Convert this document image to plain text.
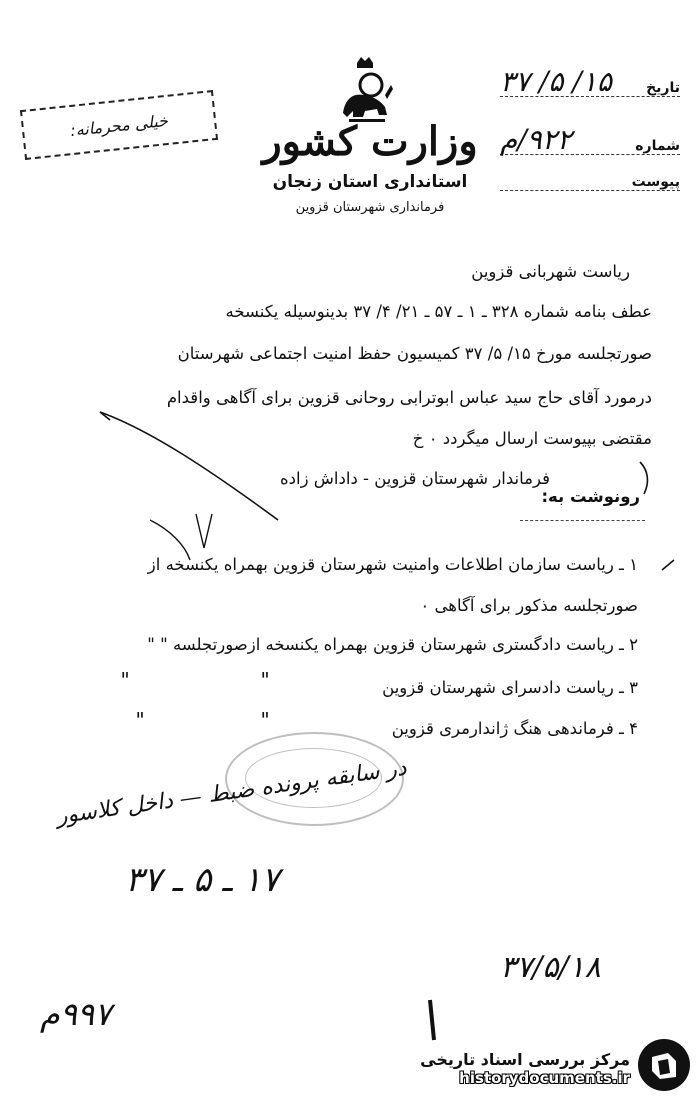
وزارت کشور
استانداری استان زنجان
فرمانداری شهرستان قزوین
خیلی محرمانه:
تاریخ
۱۵/ ۵/ ۳۷
شماره
۹۲۲/م
پیوست
ریاست شهربانی قزوین
عطف بنامه شماره ۳۲۸ ـ ۱ ـ ۵۷ ـ ۲۱/ ۴/ ۳۷ بدینوسیله یکنسخه
صورتجلسه مورخ ۱۵/ ۵/ ۳۷ کمیسیون حفظ امنیت اجتماعی شهرستان
درمورد آقای حاج سید عباس ابوترابی روحانی قزوین برای آگاهی واقدام
مقتضی بپیوست ارسال میگردد ۰ خ
فرماندار شهرستان قزوین - داداش زاده
رونوشت به:
۱ ـ ریاست سازمان اطلاعات وامنیت شهرستان قزوین بهمراه یکنسخه از
صورتجلسه مذکور برای آگاهی ۰
۲ ـ ریاست دادگستری شهرستان قزوین بهمراه یکنسخه ازصورتجلسه " "
۳ ـ ریاست دادسرای شهرستان قزوین
۴ ـ فرماندهی هنگ ژاندارمری قزوین
"
"
"
"
در سابقه پرونده ضبط — داخل کلاسور
۱۷ ـ ۵ ـ ۳۷
۳۷/۵/۱۸
۹۹۷م
مرکز بررسی اسناد تاریخی
historydocuments.ir
